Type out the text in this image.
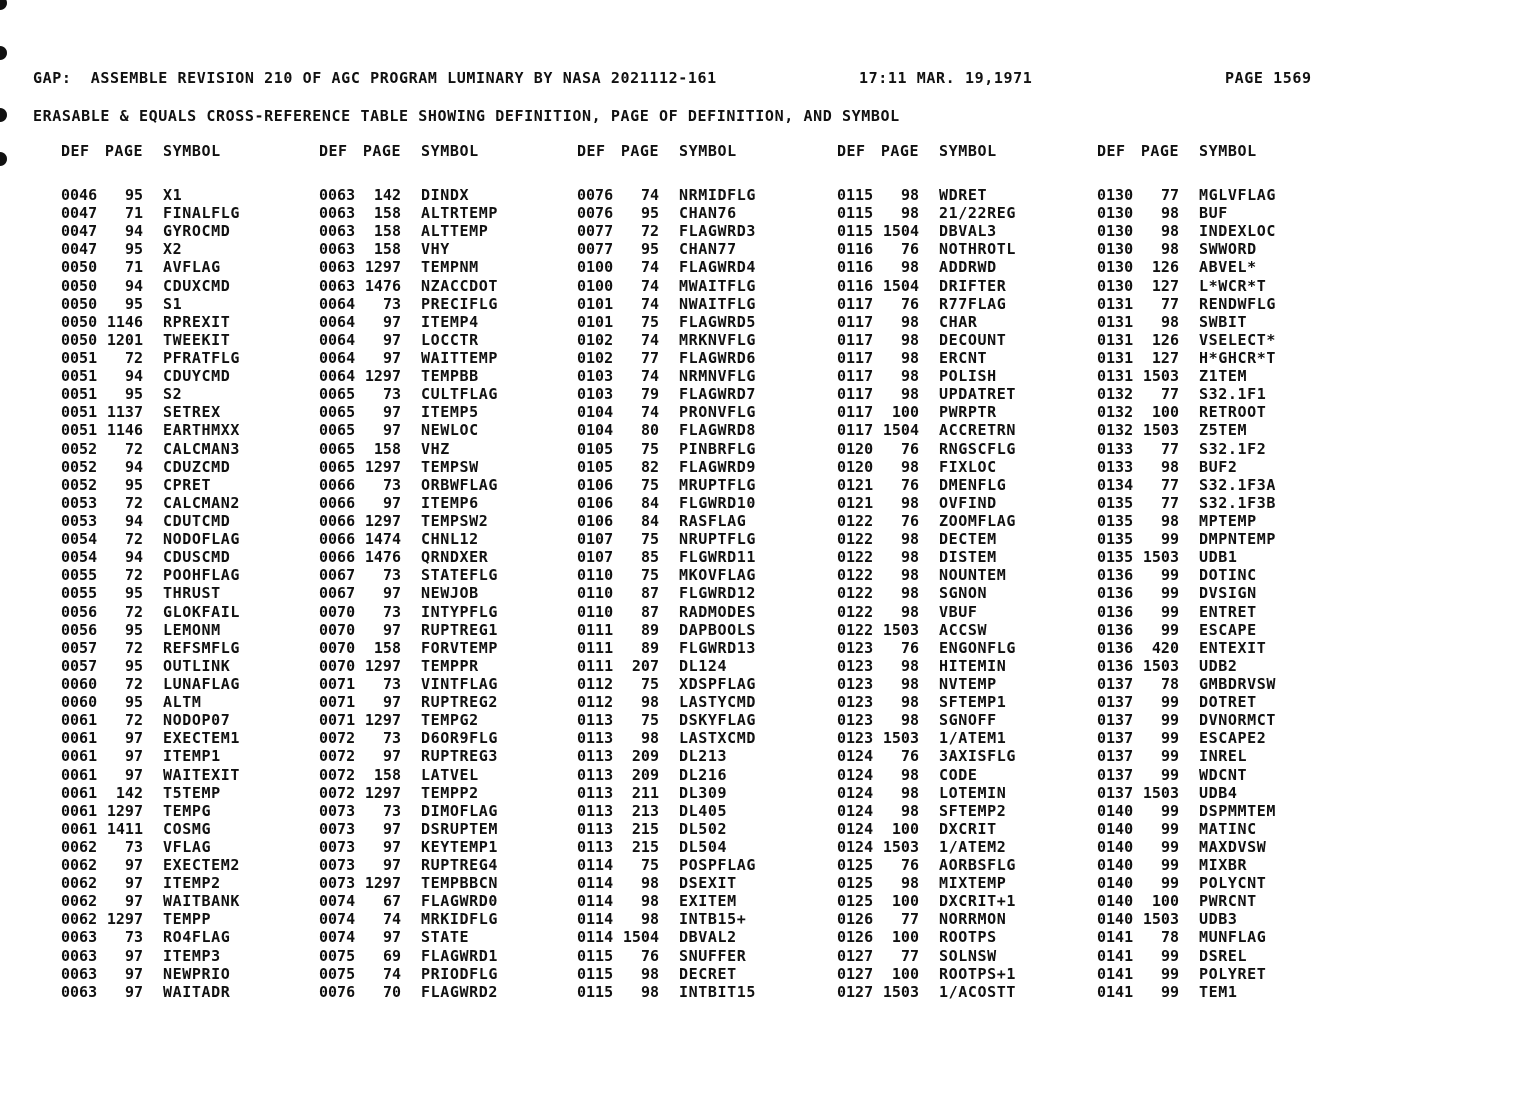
GAP:  ASSEMBLE REVISION 210 OF AGC PROGRAM LUMINARY BY NASA 2021112-161	17:11 MAR. 19,1971	PAGE 1569
ERASABLE & EQUALS CROSS-REFERENCE TABLE SHOWING DEFINITION, PAGE OF DEFINITION, AND SYMBOL
DEF	PAGE	SYMBOL
0046	95	X1
0047	71	FINALFLG
0047	94	GYROCMD
0047	95	X2
0050	71	AVFLAG
0050	94	CDUXCMD
0050	95	S1
0050 1146	RPREXIT
0050 1201	TWEEKIT
0051	72	PFRATFLG
0051	94	CDUYCMD
0051	95	S2
0051 1137	SETREX
0051 1146	EARTHMXX
0052	72	CALCMAN3
0052	94	CDUZCMD
0052	95	CPRET
0053	72	CALCMAN2
0053	94	CDUTCMD
0054	72	NODOFLAG
0054	94	CDUSCMD
0055	72	POOHFLAG
0055	95	THRUST
0056	72	GLOKFAIL
0056	95	LEMONM
0057	72	REFSMFLG
0057	95	OUTLINK
0060	72	LUNAFLAG
0060	95	ALTM
0061	72	NODOP07
0061	97	EXECTEM1
0061	97	ITEMP1
0061	97	WAITEXIT
0061	142	T5TEMP
0061 1297	TEMPG
0061 1411	COSMG
0062	73	VFLAG
0062	97	EXECTEM2
0062	97	ITEMP2
0062	97	WAITBANK
0062 1297	TEMPP
0063	73	RO4FLAG
0063	97	ITEMP3
0063	97	NEWPRIO
0063	97	WAITADR
DEF	PAGE	SYMBOL
0063	142	DINDX
0063	158	ALTRTEMP
0063	158	ALTTEMP
0063	158	VHY
0063 1297	TEMPNM
0063 1476	NZACCDOT
0064	73	PRECIFLG
0064	97	ITEMP4
0064	97	LOCCTR
0064	97	WAITTEMP
0064 1297	TEMPBB
0065	73	CULTFLAG
0065	97	ITEMP5
0065	97	NEWLOC
0065	158	VHZ
0065 1297	TEMPSW
0066	73	ORBWFLAG
0066	97	ITEMP6
0066 1297	TEMPSW2
0066 1474	CHNL12
0066 1476	QRNDXER
0067	73	STATEFLG
0067	97	NEWJOB
0070	73	INTYPFLG
0070	97	RUPTREG1
0070	158	FORVTEMP
0070 1297	TEMPPR
0071	73	VINTFLAG
0071	97	RUPTREG2
0071 1297	TEMPG2
0072	73	D6OR9FLG
0072	97	RUPTREG3
0072	158	LATVEL
0072 1297	TEMPP2
0073	73	DIMOFLAG
0073	97	DSRUPTEM
0073	97	KEYTEMP1
0073	97	RUPTREG4
0073 1297	TEMPBBCN
0074	67	FLAGWRD0
0074	74	MRKIDFLG
0074	97	STATE
0075	69	FLAGWRD1
0075	74	PRIODFLG
0076	70	FLAGWRD2
DEF	PAGE	SYMBOL
0076	74	NRMIDFLG
0076	95	CHAN76
0077	72	FLAGWRD3
0077	95	CHAN77
0100	74	FLAGWRD4
0100	74	MWAITFLG
0101	74	NWAITFLG
0101	75	FLAGWRD5
0102	74	MRKNVFLG
0102	77	FLAGWRD6
0103	74	NRMNVFLG
0103	79	FLAGWRD7
0104	74	PRONVFLG
0104	80	FLAGWRD8
0105	75	PINBRFLG
0105	82	FLAGWRD9
0106	75	MRUPTFLG
0106	84	FLGWRD10
0106	84	RASFLAG
0107	75	NRUPTFLG
0107	85	FLGWRD11
0110	75	MKOVFLAG
0110	87	FLGWRD12
0110	87	RADMODES
0111	89	DAPBOOLS
0111	89	FLGWRD13
0111	207	DL124
0112	75	XDSPFLAG
0112	98	LASTYCMD
0113	75	DSKYFLAG
0113	98	LASTXCMD
0113	209	DL213
0113	209	DL216
0113	211	DL309
0113	213	DL405
0113	215	DL502
0113	215	DL504
0114	75	POSPFLAG
0114	98	DSEXIT
0114	98	EXITEM
0114	98	INTB15+
0114 1504	DBVAL2
0115	76	SNUFFER
0115	98	DECRET
0115	98	INTBIT15
DEF	PAGE	SYMBOL
0115	98	WDRET
0115	98	21/22REG
0115 1504	DBVAL3
0116	76	NOTHROTL
0116	98	ADDRWD
0116 1504	DRIFTER
0117	76	R77FLAG
0117	98	CHAR
0117	98	DECOUNT
0117	98	ERCNT
0117	98	POLISH
0117	98	UPDATRET
0117	100	PWRPTR
0117 1504	ACCRETRN
0120	76	RNGSCFLG
0120	98	FIXLOC
0121	76	DMENFLG
0121	98	OVFIND
0122	76	ZOOMFLAG
0122	98	DECTEM
0122	98	DISTEM
0122	98	NOUNTEM
0122	98	SGNON
0122	98	VBUF
0122 1503	ACCSW
0123	76	ENGONFLG
0123	98	HITEMIN
0123	98	NVTEMP
0123	98	SFTEMP1
0123	98	SGNOFF
0123 1503	1/ATEM1
0124	76	3AXISFLG
0124	98	CODE
0124	98	LOTEMIN
0124	98	SFTEMP2
0124	100	DXCRIT
0124 1503	1/ATEM2
0125	76	AORBSFLG
0125	98	MIXTEMP
0125	100	DXCRIT+1
0126	77	NORRMON
0126	100	ROOTPS
0127	77	SOLNSW
0127	100	ROOTPS+1
0127 1503	1/ACOSTT
DEF	PAGE	SYMBOL
0130	77	MGLVFLAG
0130	98	BUF
0130	98	INDEXLOC
0130	98	SWWORD
0130	126	ABVEL*
0130	127	L*WCR*T
0131	77	RENDWFLG
0131	98	SWBIT
0131	126	VSELECT*
0131	127	H*GHCR*T
0131 1503	Z1TEM
0132	77	S32.1F1
0132	100	RETROOT
0132 1503	Z5TEM
0133	77	S32.1F2
0133	98	BUF2
0134	77	S32.1F3A
0135	77	S32.1F3B
0135	98	MPTEMP
0135	99	DMPNTEMP
0135 1503	UDB1
0136	99	DOTINC
0136	99	DVSIGN
0136	99	ENTRET
0136	99	ESCAPE
0136	420	ENTEXIT
0136 1503	UDB2
0137	78	GMBDRVSW
0137	99	DOTRET
0137	99	DVNORMCT
0137	99	ESCAPE2
0137	99	INREL
0137	99	WDCNT
0137 1503	UDB4
0140	99	DSPMMTEM
0140	99	MATINC
0140	99	MAXDVSW
0140	99	MIXBR
0140	99	POLYCNT
0140	100	PWRCNT
0140 1503	UDB3
0141	78	MUNFLAG
0141	99	DSREL
0141	99	POLYRET
0141	99	TEM1
